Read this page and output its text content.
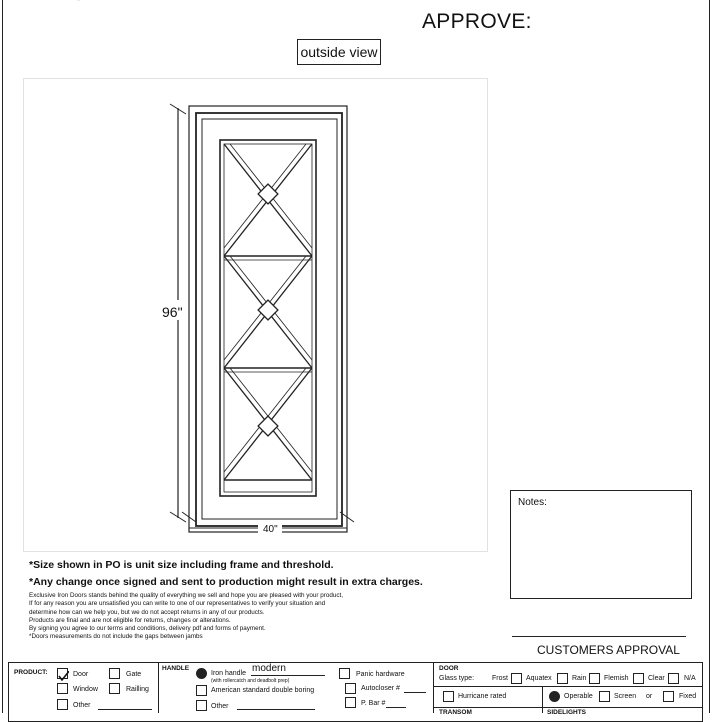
APPROVE:
outside view
40"
96"
*Size shown in PO is unit size including frame and threshold.
*Any change once signed and sent to production might result in extra charges.
Exclusive Iron Doors stands behind the quality of everything we sell and hope you are pleased with your product,
If for any reason you are unsatisfied you can write to one of our representatives to verify your situation and
determine how can we help you, but we do not accept returns in any of our products.
Products are final and are not eligible for returns, changes or alterations.
By signing you agree to our terms and conditions, delivery pdf and forms of payment.
*Doors measurements do not include the gaps between jambs
Notes:
CUSTOMERS APPROVAL
PRODUCT:	Door	Gate
Window	Railling
Other
HANDLE
Iron handle modern
(with rollercatch and deadbolt prep)
American standard double boring
Other
Panic hardware
Autocloser #
P. Bar #
DOOR
Glass type:	Frost	Aquatex	Rain	Flemish	Clear	N/A
Hurricane rated	Operable	Screen or	Fixed
TRANSOM	SIDELIGHTS
